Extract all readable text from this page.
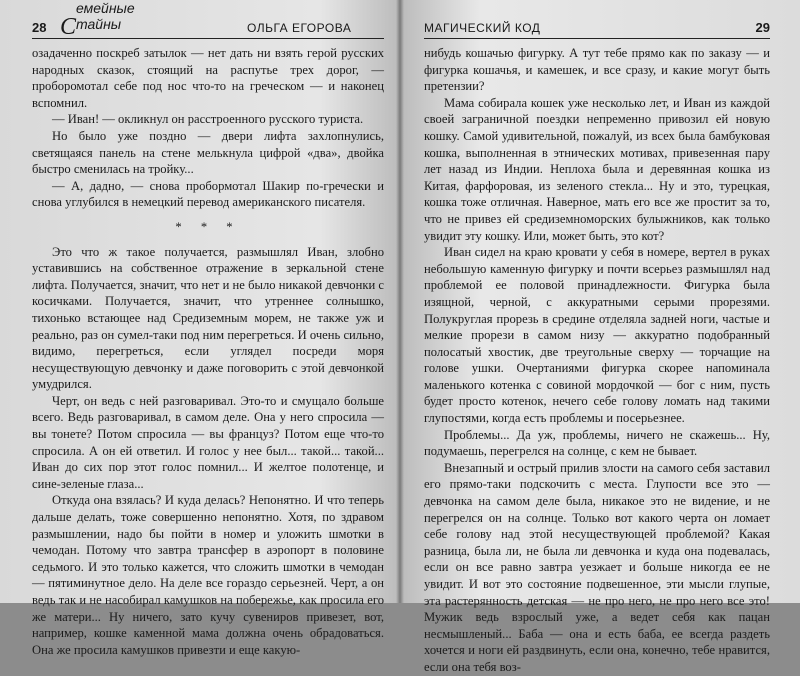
28 С
емейные тайны	ОЛЬГА ЕГОРОВА

озадаченно поскреб затылок — нет дать ни взять герой русских народных сказок, стоящий на распутье трех дорог, — проборомотал себе под нос что-то на грeческом — и наконец вспомнил.

— Иван! — окликнул он расстроенного русского туриста.

Но было уже поздно — двери лифта захлопнулись, светящаяся панель на стене мелькнула цифрой «два», двойка быстро сменилась на тройку...

— А, дадно, — снова пробормотал Шакир по-гречески и снова углубился в немецкий перевод американского писателя.

* * *

Это что ж такое получается, размышлял Иван, злобно уставившись на собственное отражение в зеркальной стене лифта. Получается, значит, что нет и не было никакой девчонки с косичками. Получается, значит, что утреннее солнышко, тихонько встающее над Средиземным морем, не также уж и реально, раз он сумел-таки под ним перегреться. И очень сильно, видимо, перегреться, если углядел посреди моря несуществующую девчонку и даже поговорить с этой девчонкой умудрился.

Черт, он ведь с ней разговаривал. Это-то и смущало больше всего. Ведь разговаривал, в самом деле. Она у него спросила — вы тонете? Потом спросила — вы француз? Потом еще что-то спросила. А он ей ответил. И голос у нее был... такой... такой... Иван до сих пор этот голос помнил... И желтое полотенце, и сине-зеленые глаза...

Откуда она взялась? И куда делась? Непонятно. И что теперь дальше делать, тоже совершенно непонятно. Хотя, по здравом размышлении, надо бы пойти в номер и уложить шмотки в чемодан. Потому что завтра трансфер в аэропорт в половине седьмого. И это только кажется, что сложить шмотки в чемодан — пятиминутное дело. На деле все гораздо серьезней. Черт, а он ведь так и не насобирал камушков на побережье, как просила его же матери... Ну ничего, зато кучу сувениров привезет, вот, например, кошке каменной мама должна очень обрадоваться. Она же просила камушков привезти и еще какую-

МАГИЧЕСКИЙ КОД	29

нибудь кошачью фигурку. А тут тебе прямо как по заказу — и фигурка кошачья, и камешек, и все сразу, и какие могут быть претензии?

Мама собирала кошек уже несколько лет, и Иван из каждой своей заграничной поездки непременно привозил ей новую кошку. Самой удивительной, пожалуй, из всех была бамбуковая кошка, выполненная в этнических мотивах, привезенная пару лет назад из Индии. Неплоха была и деревянная кошка из Китая, фарфоровая, из зеленого стекла... Ну и это, турецкая, кошка тоже отличная. Наверное, мать его все же простит за то, что не привез ей средиземноморских булыжников, как только увидит эту кошку. Или, может быть, это кот?

Иван сидел на краю кровати у себя в номере, вертел в руках небольшую каменную фигурку и почти всерьез размышлял над проблемой ее половой принадлежности. Фигурка была изящной, черной, с аккуратными серыми прорезями. Полукруглая прорезь в средине отделяла задней ноги, частые и мелкие прорези в самом низу — аккуратно подобранный полосатый хвостик, две треугольные сверху — торчащие на голове ушки. Очертаниями фигурка скорее напоминала маленького котенка с совиной мордочкой — бог с ним, пусть будет просто котенок, нечего себе голову ломать над такими глупостями, когда есть проблемы и посерьезнее.

Проблемы... Да уж, проблемы, ничего не скажешь... Ну, подумаешь, перегрелся на солнце, с кем не бывает.

Внезапный и острый прилив злости на самого себя заставил его прямо-таки подскочить с места. Глупости все это — девчонка на самом деле была, никакое это не видение, и не перегрелся он на солнце. Только вот какого черта он ломает себе голову над этой несуществующей проблемой? Какая разница, была ли, не была ли девчонка и куда она подевалась, если он все равно завтра уезжает и больше никогда ее не увидит. И вот это состояние подвешенное, эти мысли глупые, эта растерянность детская — не про него, не про него все это! Мужик ведь взрослый уже, а ведет себя как пацан несмышленый... Баба — она и есть баба, ее всегда раздеть хочется и ноги ей раздвинуть, если она, конечно, тебе нравится, если она тебя воз-
